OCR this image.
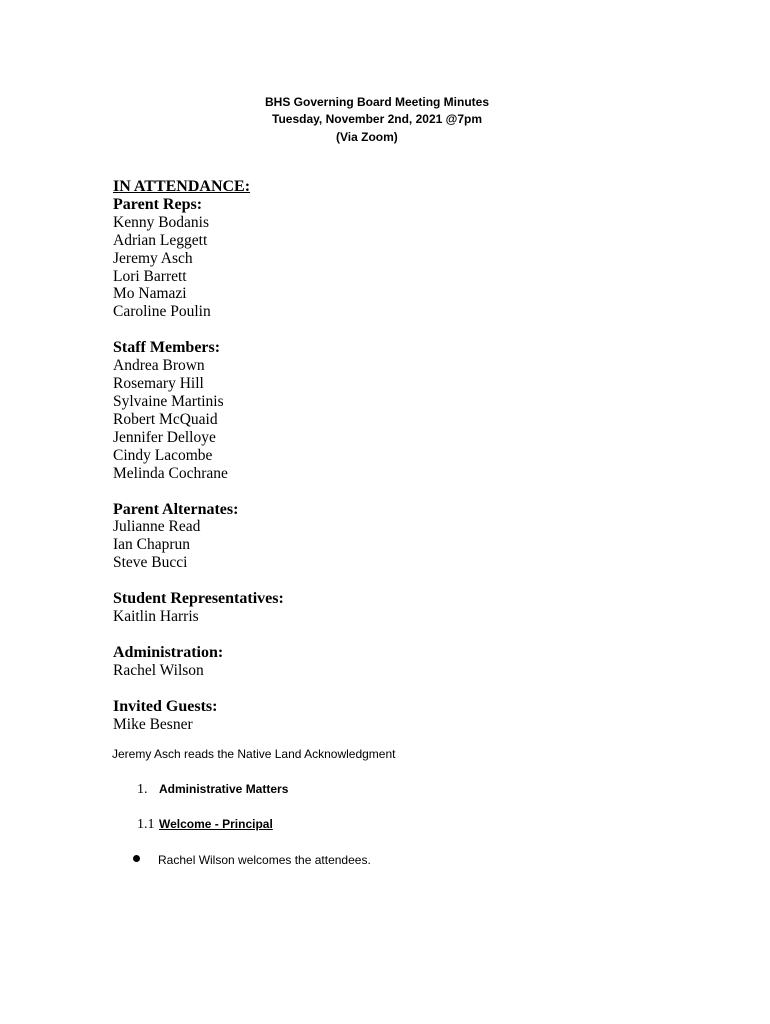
BHS Governing Board Meeting Minutes
Tuesday, November 2nd, 2021 @7pm
(Via Zoom)
IN ATTENDANCE:
Parent Reps:
Kenny Bodanis
Adrian Leggett
Jeremy Asch
Lori Barrett
Mo Namazi
Caroline Poulin
Staff Members:
Andrea Brown
Rosemary Hill
Sylvaine Martinis
Robert McQuaid
Jennifer Delloye
Cindy Lacombe
Melinda Cochrane
Parent Alternates:
Julianne Read
Ian Chaprun
Steve Bucci
Student Representatives:
Kaitlin Harris
Administration:
Rachel Wilson
Invited Guests:
Mike Besner
Jeremy Asch reads the Native Land Acknowledgment
1. Administrative Matters
1.1 Welcome - Principal
Rachel Wilson welcomes the attendees.
